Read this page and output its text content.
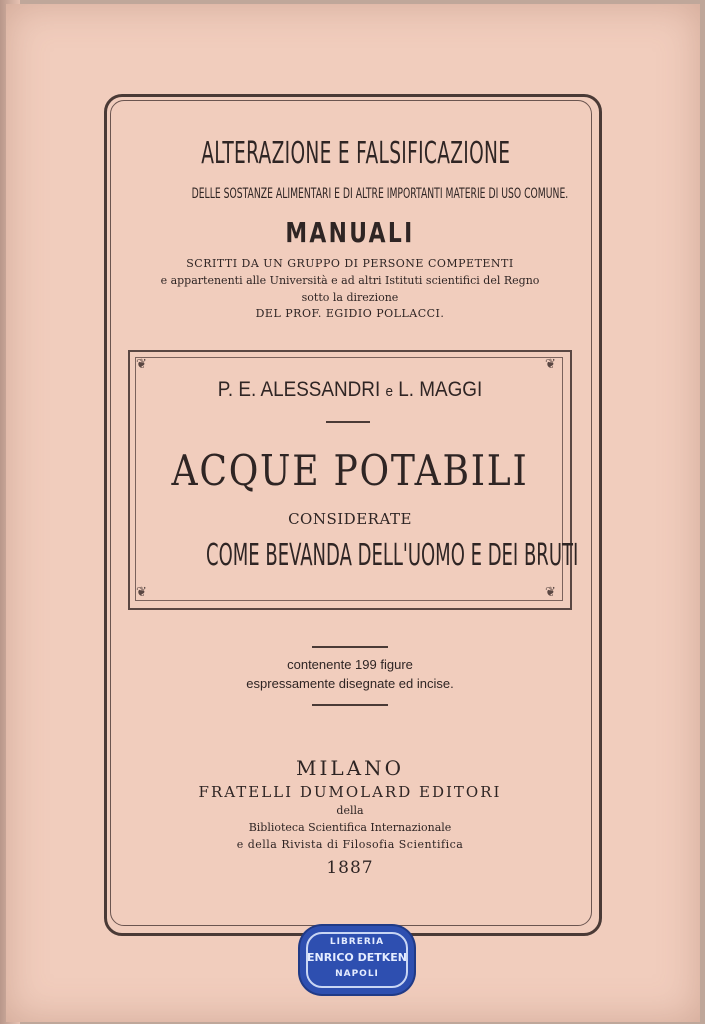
ALTERAZIONE E FALSIFICAZIONE
DELLE SOSTANZE ALIMENTARI E DI ALTRE IMPORTANTI MATERIE DI USO COMUNE.
MANUALI
SCRITTI DA UN GRUPPO DI PERSONE COMPETENTI
e appartenenti alle Università e ad altri Istituti scientifici del Regno
sotto la direzione
DEL PROF. EGIDIO POLLACCI.
❦	❦
❦	❦
P. E. ALESSANDRI e L. MAGGI
ACQUE POTABILI
CONSIDERATE
COME BEVANDA DELL'UOMO E DEI BRUTI
contenente 199 figure
espressamente disegnate ed incise.
MILANO
FRATELLI DUMOLARD EDITORI
della
Biblioteca Scientifica Internazionale
e della Rivista di Filosofia Scientifica
1887
LIBRERIA
ENRICO DETKEN
NAPOLI
